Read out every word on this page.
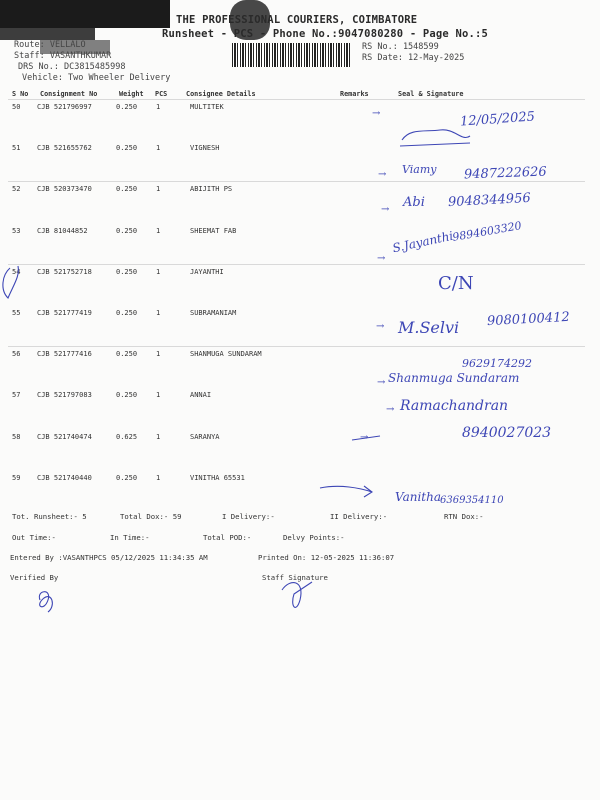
THE PROFESSIONAL COURIERS, COIMBATORE
Runsheet - PCS - Phone No.:9047080280 - Page No.:5
Route: VELLALO
Staff: VASANTHKUMAR
DRS No.: DC3815485998
Vehicle: Two Wheeler Delivery
RS No.: 1548599
RS Date: 12-May-2025
S No Consignment No	Weight PCS	Consignee Details	Remarks	Seal & Signature
50 CJB 521796997	0.250	1	MULTITEK
51 CJB 521655762	0.250	1	VIGNESH
52 CJB 520373470	0.250	1	ABIJITH PS
53 CJB 81044852	0.250	1	SHEEMAT FAB
54 CJB 521752718	0.250	1	JAYANTHI
55 CJB 521777419	0.250	1	SUBRAMANIAM
56 CJB 521777416	0.250	1	SHANMUGA SUNDARAM
57 CJB 521797083	0.250	1	ANNAI
58 CJB 521740474	0.625	1	SARANYA
59 CJB 521740440	0.250	1	VINITHA 65531
12/05/2025
Viamy 9487222626
Abi 9048344956
S.Jayanthi
9894603320
C/N
M.Selvi 9080100412
9629174292
Shanmuga Sundaram
Ramachandran
8940027023
Vanitha 6369354110
→
→
→
→
→
→
→
→
Tot. Runsheet:- 5	Total Dox:- 59	I Delivery:-	II Delivery:-	RTN Dox:-
Out Time:-	In Time:-	Total POD:-	Delvy Points:-
Entered By :VASANTHPCS 05/12/2025 11:34:35 AM	Printed On: 12-05-2025 11:36:07
Verified By	Staff Signature
